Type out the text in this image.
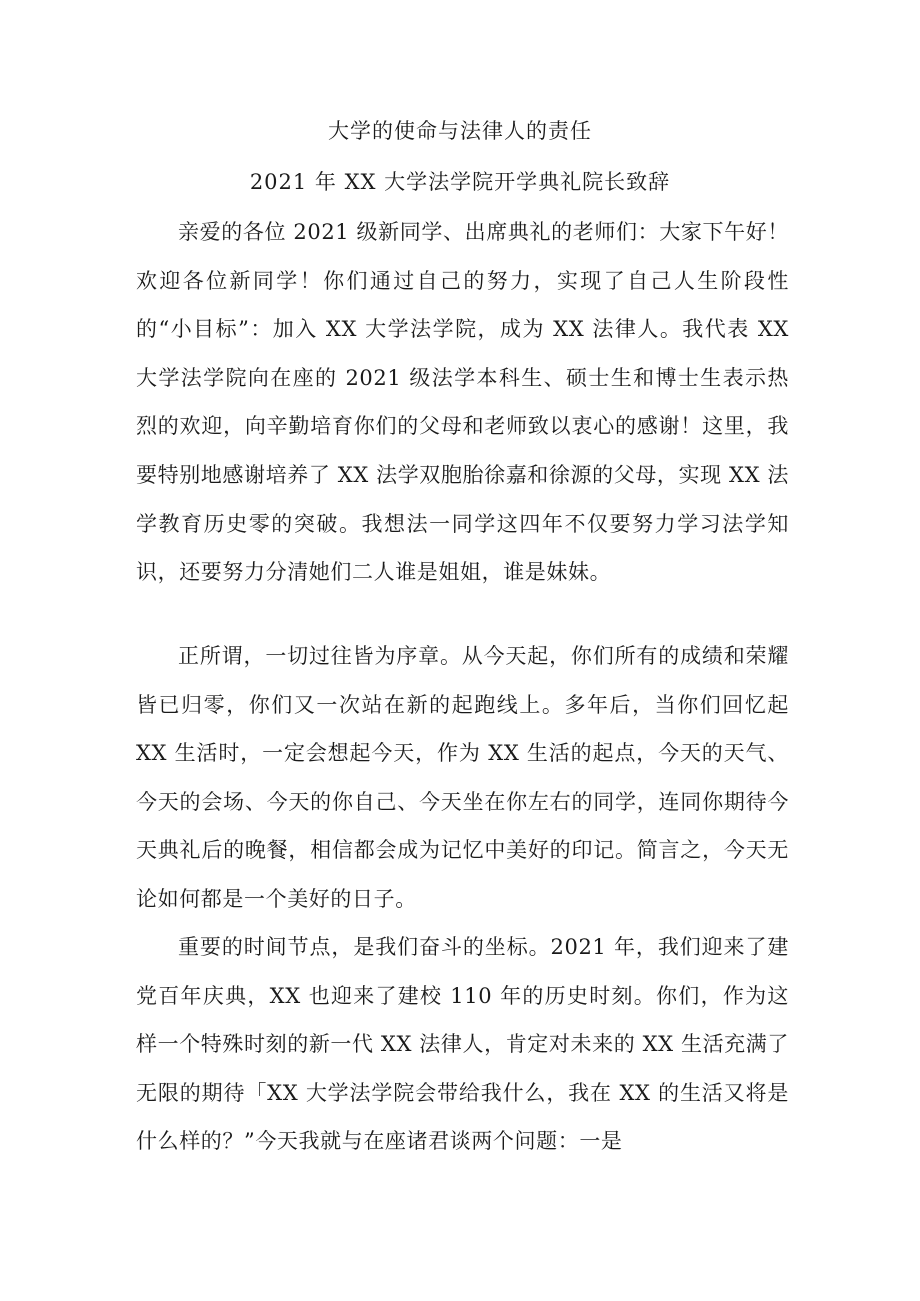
大学的使命与法律人的责任
2021 年 XX 大学法学院开学典礼院长致辞

亲爱的各位 2021 级新同学、出席典礼的老师们：大家下午好！欢迎各位新同学！你们通过自己的努力，实现了自己人生阶段性的“小目标”：加入 XX 大学法学院，成为 XX 法律人。我代表 XX 大学法学院向在座的 2021 级法学本科生、硕士生和博士生表示热烈的欢迎，向辛勤培育你们的父母和老师致以衷心的感谢！这里，我要特别地感谢培养了 XX 法学双胞胎徐嘉和徐源的父母，实现 XX 法学教育历史零的突破。我想法一同学这四年不仅要努力学习法学知识，还要努力分清她们二人谁是姐姐，谁是妹妹。

正所谓，一切过往皆为序章。从今天起，你们所有的成绩和荣耀皆已归零，你们又一次站在新的起跑线上。多年后，当你们回忆起 XX 生活时，一定会想起今天，作为 XX 生活的起点，今天的天气、今天的会场、今天的你自己、今天坐在你左右的同学，连同你期待今天典礼后的晚餐，相信都会成为记忆中美好的印记。简言之，今天无论如何都是一个美好的日子。

重要的时间节点，是我们奋斗的坐标。2021 年，我们迎来了建党百年庆典，XX 也迎来了建校 110 年的历史时刻。你们，作为这样一个特殊时刻的新一代 XX 法律人，肯定对未来的 XX 生活充满了无限的期待「XX 大学法学院会带给我什么，我在 XX 的生活又将是什么样的？”今天我就与在座诸君谈两个问题：一是
